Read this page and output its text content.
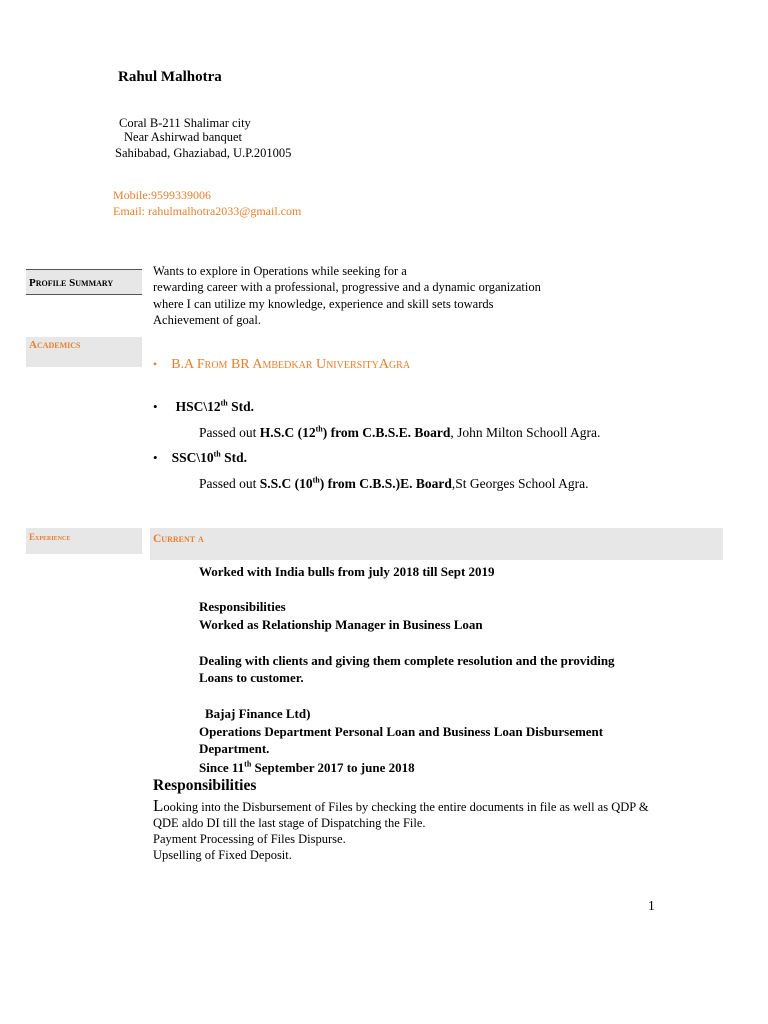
Rahul Malhotra
Coral B-211 Shalimar city
Near Ashirwad banquet
Sahibabad, Ghaziabad, U.P.201005
Mobile:9599339006
Email: rahulmalhotra2033@gmail.com
Profile Summary
Wants to explore in Operations while seeking for a
rewarding career with a professional, progressive and a dynamic organization
where I can utilize my knowledge, experience and skill sets towards
Achievement of goal.
Academics
• B.A From BR Ambedkar UniversityAgra
• HSC\12th Std.
Passed out H.S.C (12th) from C.B.S.E. Board, John Milton Schooll Agra.
• SSC\10th Std.
Passed out S.S.C (10th) from C.B.S.)E. Board,St Georges School Agra.
Experience	Current a
Worked with India bulls from july 2018 till Sept 2019
Responsibilities
Worked as Relationship Manager in Business Loan
Dealing with clients and giving them complete resolution and the providing
Loans to customer.
Bajaj Finance Ltd)
Operations Department Personal Loan and Business Loan Disbursement
Department.
Since 11th September 2017 to june 2018
Responsibilities
Looking into the Disbursement of Files by checking the entire documents in file as well as QDP &
QDE aldo DI till the last stage of Dispatching the File.
Payment Processing of Files Dispurse.
Upselling of Fixed Deposit.
1
